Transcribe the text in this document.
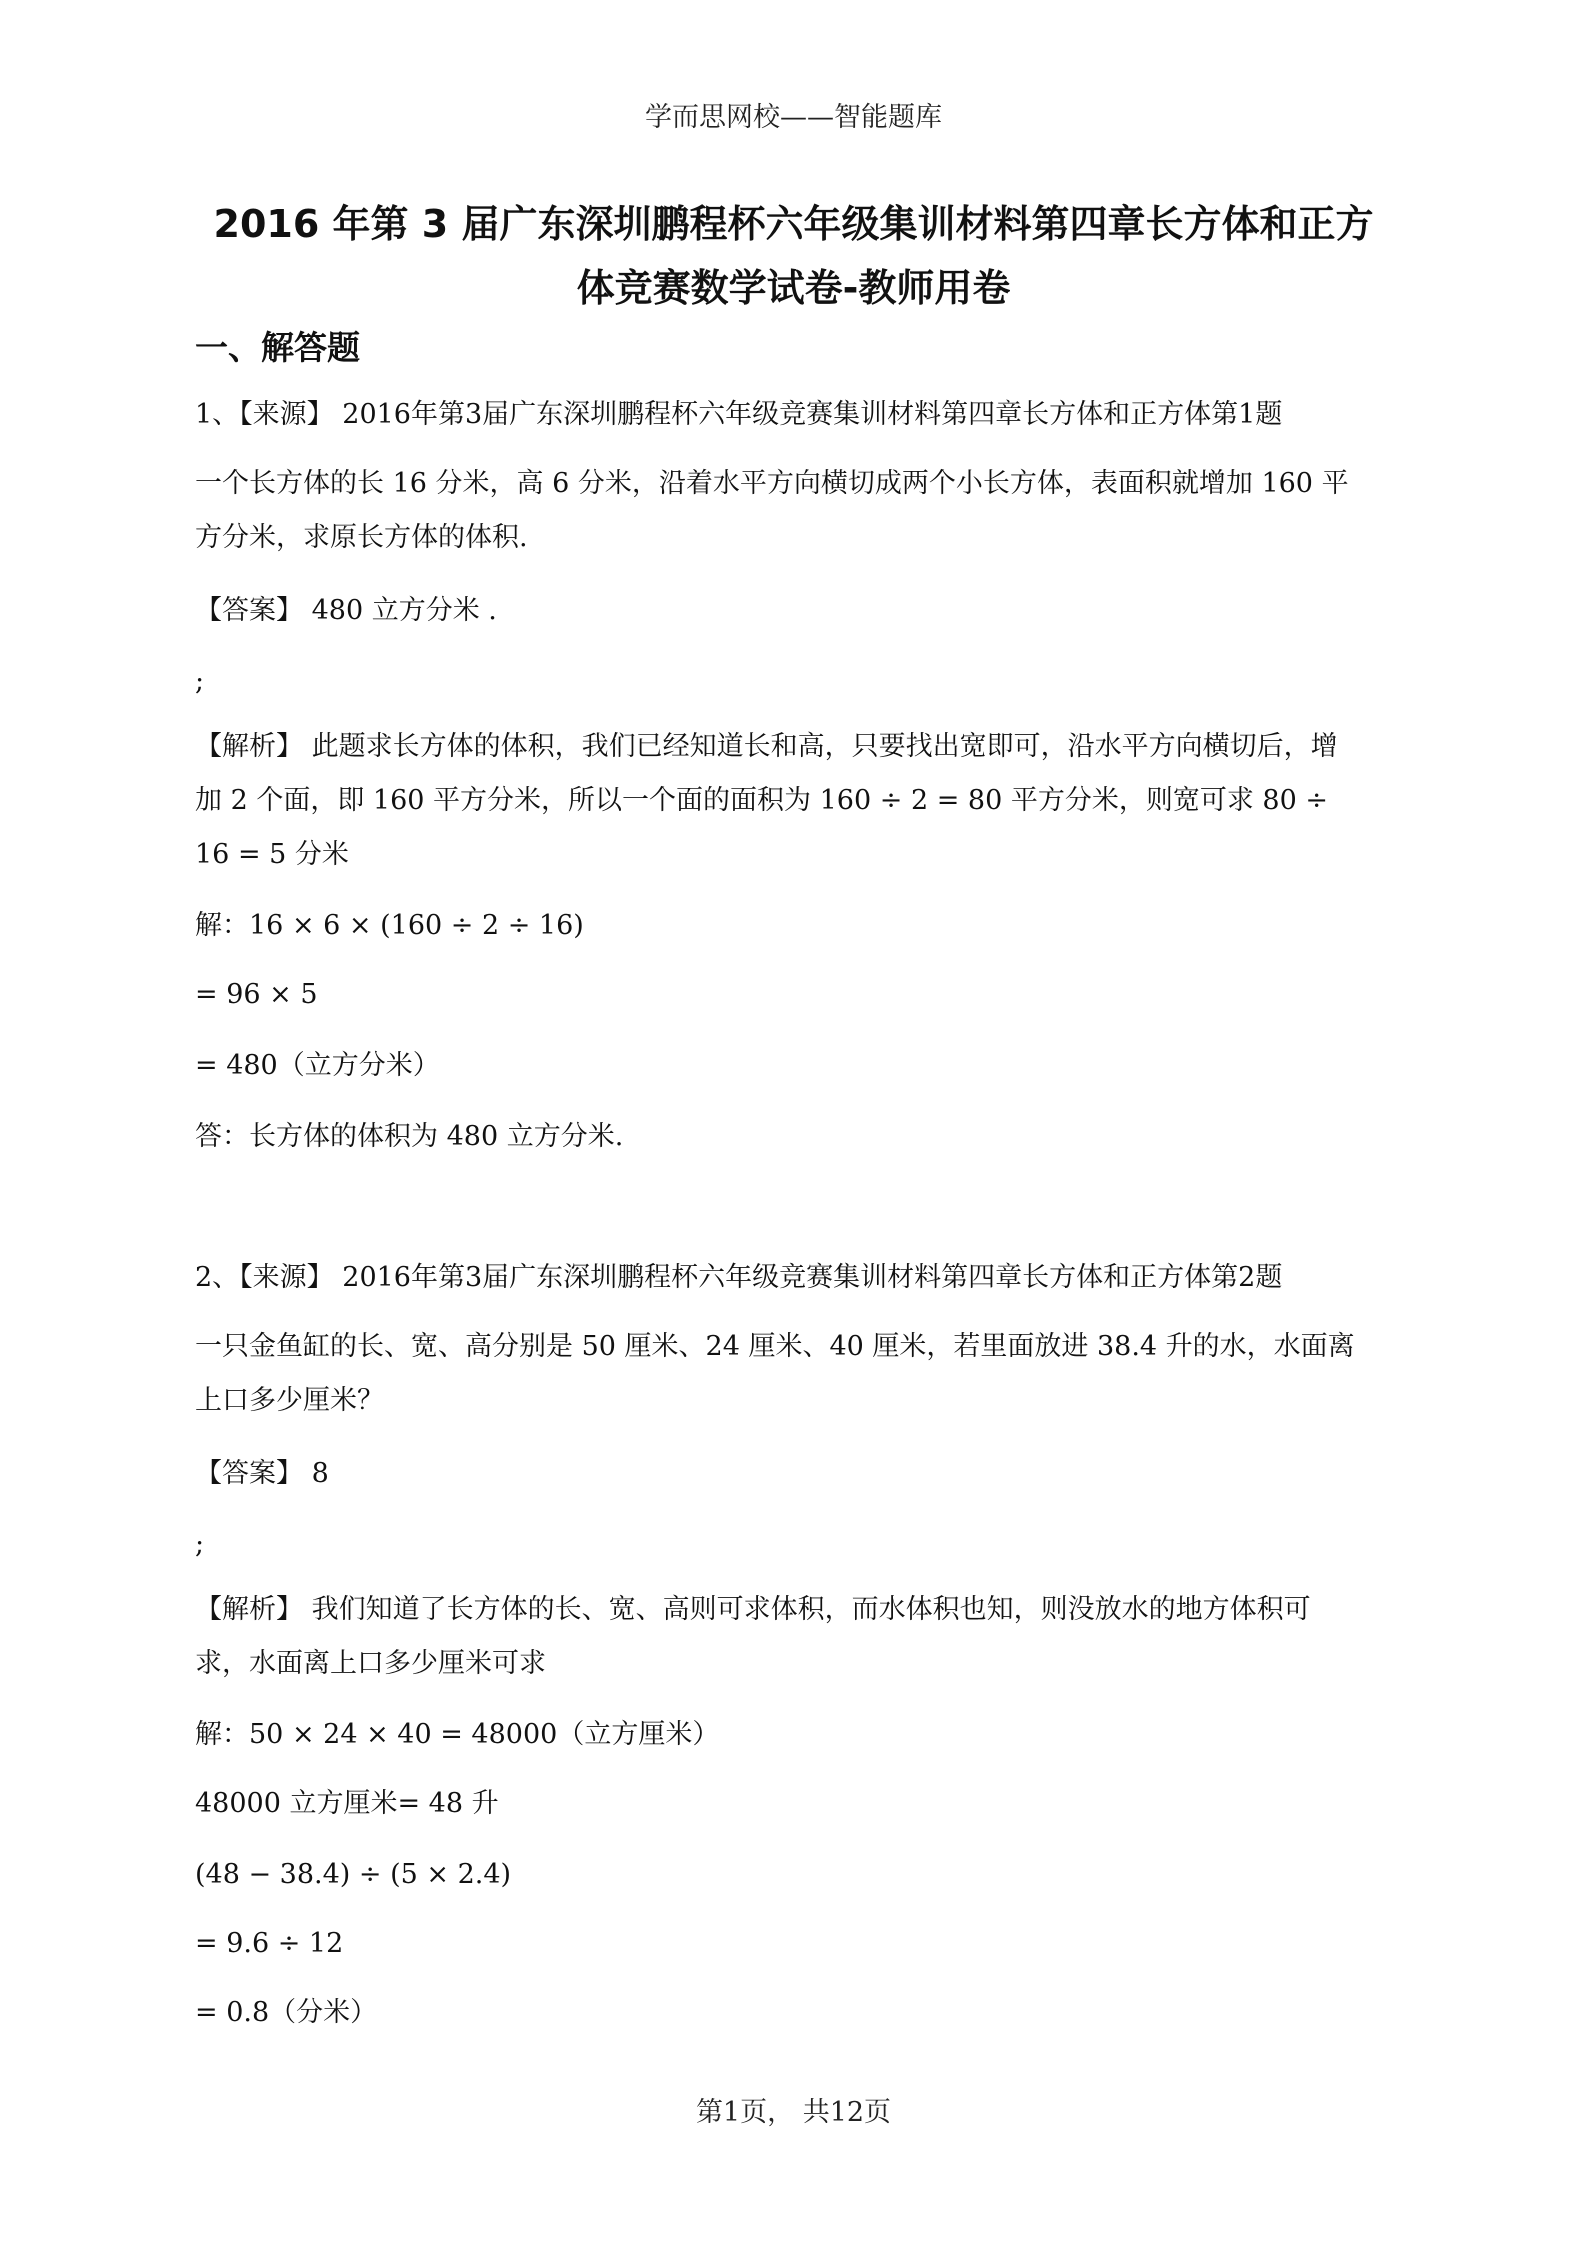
学而思网校——智能题库
2016 年第 3 届广东深圳鹏程杯六年级集训材料第四章长方体和正方
体竞赛数学试卷-教师用卷
一、解答题
1、【来源】 2016年第3届广东深圳鹏程杯六年级竞赛集训材料第四章长方体和正方体第1题
一个长方体的长 16 分米，高 6 分米，沿着水平方向横切成两个小长方体，表面积就增加 160 平
方分米，求原长方体的体积.
【答案】 480 立方分米 .
;
【解析】 此题求长方体的体积，我们已经知道长和高，只要找出宽即可，沿水平方向横切后，增
加 2 个面，即 160 平方分米，所以一个面的面积为 160 ÷ 2 = 80 平方分米，则宽可求 80 ÷
16 = 5 分米
解：16 × 6 × (160 ÷ 2 ÷ 16)
= 96 × 5
= 480（立方分米）
答：长方体的体积为 480 立方分米.
2、【来源】 2016年第3届广东深圳鹏程杯六年级竞赛集训材料第四章长方体和正方体第2题
一只金鱼缸的长、宽、高分别是 50 厘米、24 厘米、40 厘米，若里面放进 38.4 升的水，水面离
上口多少厘米？
【答案】 8
;
【解析】 我们知道了长方体的长、宽、高则可求体积，而水体积也知，则没放水的地方体积可
求，水面离上口多少厘米可求
解：50 × 24 × 40 = 48000（立方厘米）
48000 立方厘米= 48 升
(48 − 38.4) ÷ (5 × 2.4)
= 9.6 ÷ 12
= 0.8（分米）
第1页， 共12页
